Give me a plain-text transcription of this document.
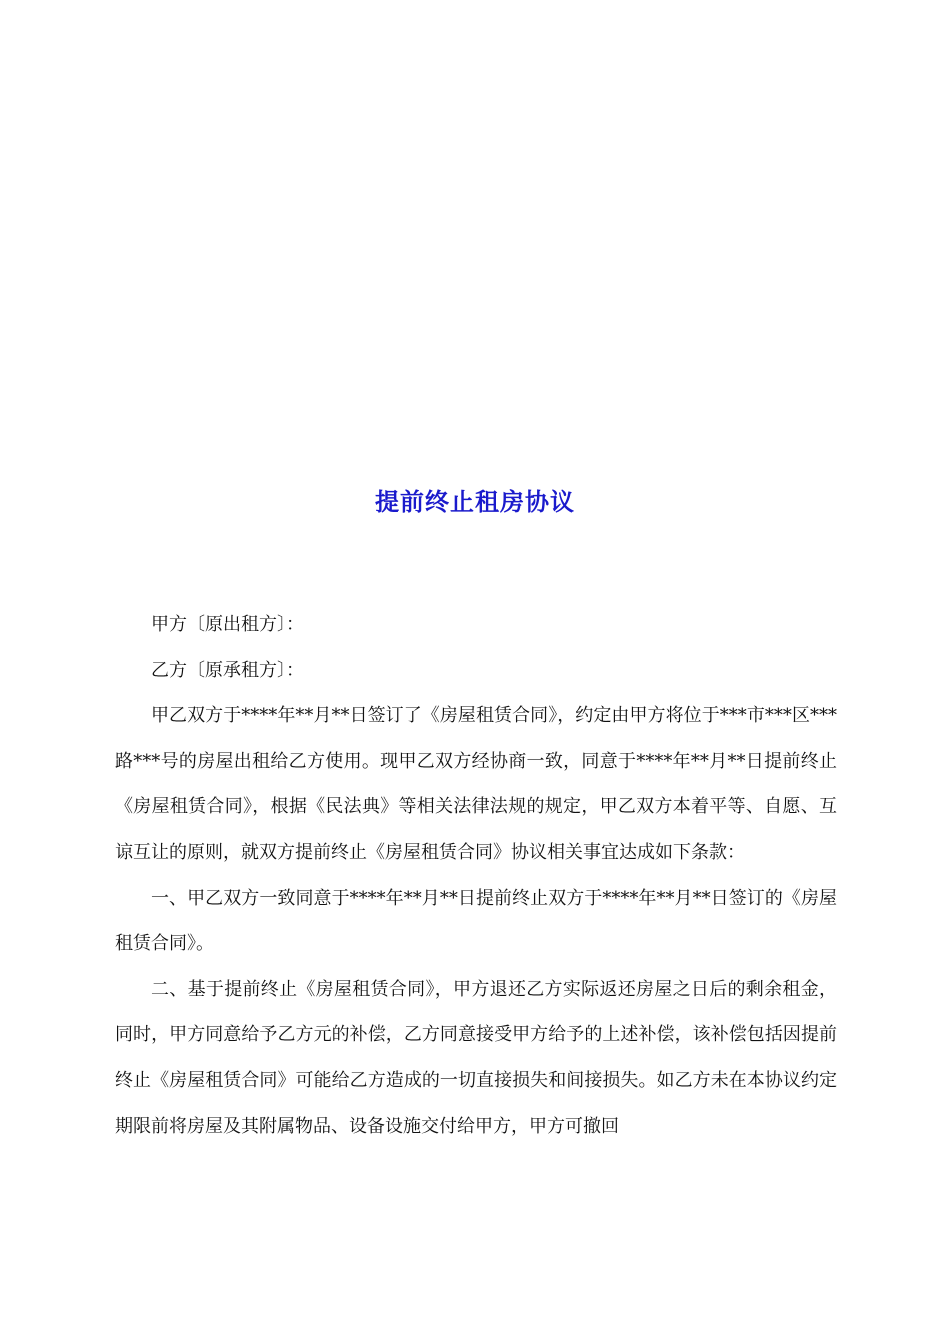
提前终止租房协议

甲方〔原出租方〕：

乙方〔原承租方〕：

甲乙双方于****年**月**日签订了《房屋租赁合同》，约定由甲方将位于***市***区***路***号的房屋出租给乙方使用。现甲乙双方经协商一致，同意于****年**月**日提前终止《房屋租赁合同》，根据《民法典》等相关法律法规的规定，甲乙双方本着平等、自愿、互谅互让的原则，就双方提前终止《房屋租赁合同》协议相关事宜达成如下条款：

一、甲乙双方一致同意于****年**月**日提前终止双方于****年**月**日签订的《房屋租赁合同》。

二、基于提前终止《房屋租赁合同》，甲方退还乙方实际返还房屋之日后的剩余租金，同时，甲方同意给予乙方元的补偿，乙方同意接受甲方给予的上述补偿，该补偿包括因提前终止《房屋租赁合同》可能给乙方造成的一切直接损失和间接损失。如乙方未在本协议约定期限前将房屋及其附属物品、设备设施交付给甲方，甲方可撤回
